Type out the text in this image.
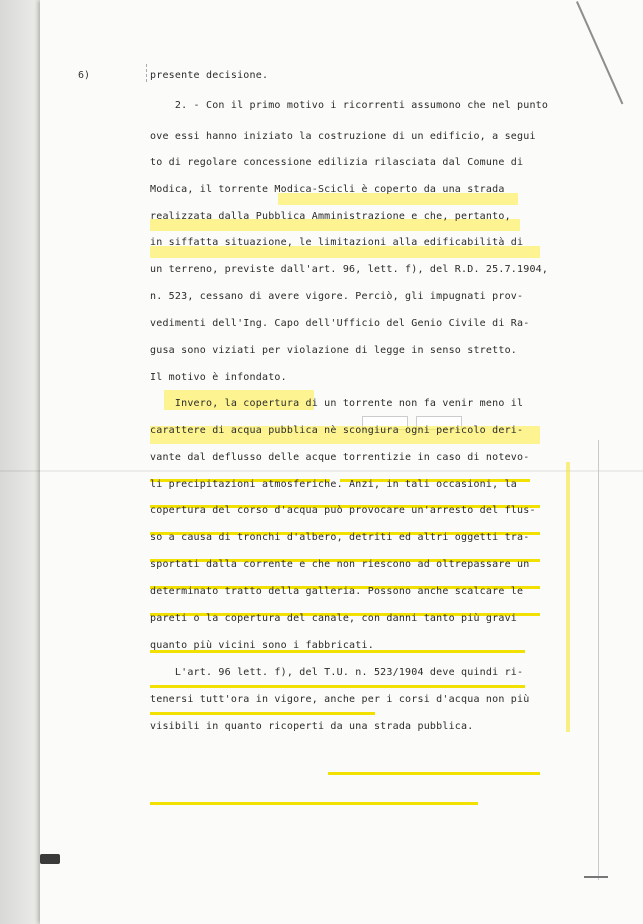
6)	presente decisione.
2. - Con il primo motivo i ricorrenti assumono che nel punto
ove essi hanno iniziato la costruzione di un edificio, a segui
to di regolare concessione edilizia rilasciata dal Comune di
Modica, il torrente Modica-Scicli è coperto da una strada
realizzata dalla Pubblica Amministrazione e che, pertanto,
in siffatta situazione, le limitazioni alla edificabilità di
un terreno, previste dall'art. 96, lett. f), del R.D. 25.7.1904,
n. 523, cessano di avere vigore. Perciò, gli impugnati prov-
vedimenti dell'Ing. Capo dell'Ufficio del Genio Civile di Ra-
gusa sono viziati per violazione di legge in senso stretto.
Il motivo è infondato.
Invero, la copertura di un torrente non fa venir meno il
carattere di acqua pubblica nè scongiura ogni pericolo deri-
vante dal deflusso delle acque torrentizie in caso di notevo-
li precipitazioni atmosferiche. Anzi, in tali occasioni, la
copertura del corso d'acqua può provocare un'arresto del flus-
so a causa di tronchi d'albero, detriti ed altri oggetti tra-
sportati dalla corrente e che non riescono ad oltrepassare un
determinato tratto della galleria. Possono anche scalcare le
pareti o la copertura del canale, con danni tanto più gravi
quanto più vicini sono i fabbricati.
L'art. 96 lett. f), del T.U. n. 523/1904 deve quindi ri-
tenersi tutt'ora in vigore, anche per i corsi d'acqua non più
visibili in quanto ricoperti da una strada pubblica.
